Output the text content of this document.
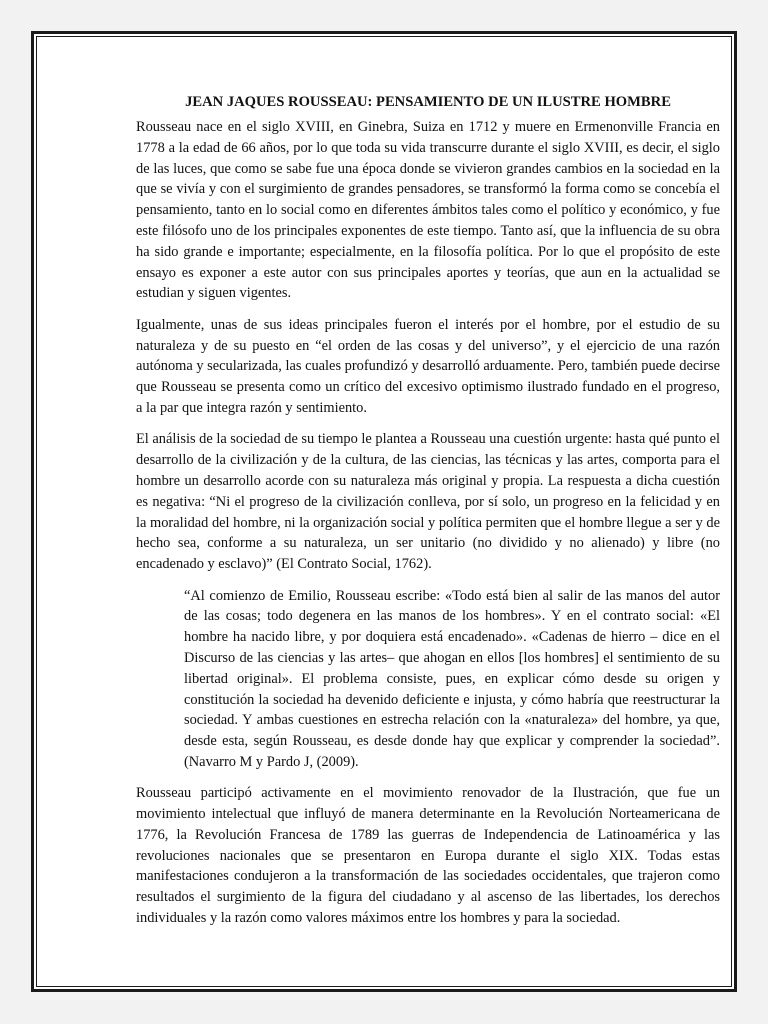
JEAN JAQUES ROUSSEAU: PENSAMIENTO DE UN ILUSTRE HOMBRE

Rousseau nace en el siglo XVIII, en Ginebra, Suiza en 1712 y muere en Ermenonville Francia en 1778 a la edad de 66 años, por lo que toda su vida transcurre durante el siglo XVIII, es decir, el siglo de las luces, que como se sabe fue una época donde se vivieron grandes cambios en la sociedad en la que se vivía y con el surgimiento de grandes pensadores, se transformó la forma como se concebía el pensamiento, tanto en lo social como en diferentes ámbitos tales como el político y económico, y fue este filósofo uno de los principales exponentes de este tiempo. Tanto así, que la influencia de su obra ha sido grande e importante; especialmente, en la filosofía política. Por lo que el propósito de este ensayo es exponer a este autor con sus principales aportes y teorías, que aun en la actualidad se estudian y siguen vigentes.

Igualmente, unas de sus ideas principales fueron el interés por el hombre, por el estudio de su naturaleza y de su puesto en “el orden de las cosas y del universo”, y el ejercicio de una razón autónoma y secularizada, las cuales profundizó y desarrolló arduamente. Pero, también puede decirse que Rousseau se presenta como un crítico del excesivo optimismo ilustrado fundado en el progreso, a la par que integra razón y sentimiento.

El análisis de la sociedad de su tiempo le plantea a Rousseau una cuestión urgente: hasta qué punto el desarrollo de la civilización y de la cultura, de las ciencias, las técnicas y las artes, comporta para el hombre un desarrollo acorde con su naturaleza más original y propia. La respuesta a dicha cuestión es negativa: “Ni el progreso de la civilización conlleva, por sí solo, un progreso en la felicidad y en la moralidad del hombre, ni la organización social y política permiten que el hombre llegue a ser y de hecho sea, conforme a su naturaleza, un ser unitario (no dividido y no alienado) y libre (no encadenado y esclavo)” (El Contrato Social, 1762).

“Al comienzo de Emilio, Rousseau escribe: «Todo está bien al salir de las manos del autor de las cosas; todo degenera en las manos de los hombres». Y en el contrato social: «El hombre ha nacido libre, y por doquiera está encadenado». «Cadenas de hierro – dice en el Discurso de las ciencias y las artes– que ahogan en ellos [los hombres] el sentimiento de su libertad original». El problema consiste, pues, en explicar cómo desde su origen y constitución la sociedad ha devenido deficiente e injusta, y cómo habría que reestructurar la sociedad. Y ambas cuestiones en estrecha relación con la «naturaleza» del hombre, ya que, desde esta, según Rousseau, es desde donde hay que explicar y comprender la sociedad”. (Navarro M y Pardo J, (2009).

Rousseau participó activamente en el movimiento renovador de la Ilustración, que fue un movimiento intelectual que influyó de manera determinante en la Revolución Norteamericana de 1776, la Revolución Francesa de 1789 las guerras de Independencia de Latinoamérica y las revoluciones nacionales que se presentaron en Europa durante el siglo XIX. Todas estas manifestaciones condujeron a la transformación de las sociedades occidentales, que trajeron como resultados el surgimiento de la figura del ciudadano y al ascenso de las libertades, los derechos individuales y la razón como valores máximos entre los hombres y para la sociedad.
